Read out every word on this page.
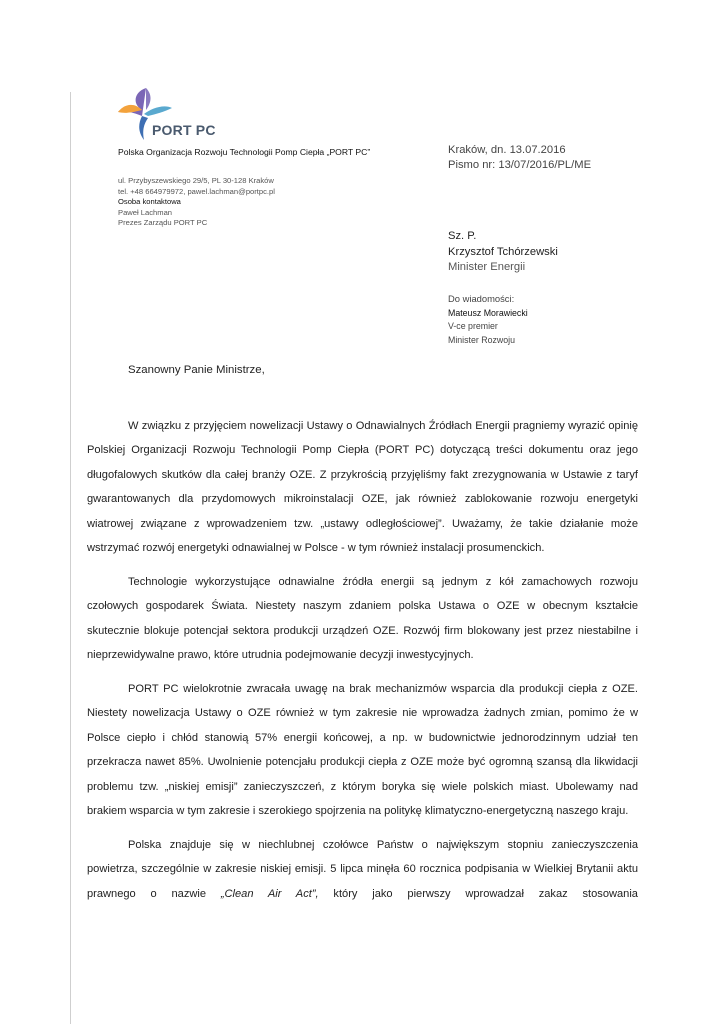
PORT PC
Polska Organizacja Rozwoju Technologii Pomp Ciepła „PORT PC”
ul. Przybyszewskiego 29/5, PL 30-128 Kraków
tel. +48 664979972, pawel.lachman@portpc.pl
Osoba kontaktowa
Paweł Lachman
Prezes Zarządu PORT PC
Kraków, dn. 13.07.2016
Pismo nr: 13/07/2016/PL/ME
Sz. P.
Krzysztof Tchórzewski
Minister Energii
Do wiadomości:
Mateusz Morawiecki
V-ce premier
Minister Rozwoju
Szanowny Panie Ministrze,

W związku z przyjęciem nowelizacji Ustawy o Odnawialnych Źródłach Energii pragniemy wyrazić opinię Polskiej Organizacji Rozwoju Technologii Pomp Ciepła (PORT PC) dotyczącą treści dokumentu oraz jego długofalowych skutków dla całej branży OZE. Z przykrością przyjęliśmy fakt zrezygnowania w Ustawie z taryf gwarantowanych dla przydomowych mikroinstalacji OZE, jak również zablokowanie rozwoju energetyki wiatrowej związane z wprowadzeniem tzw. „ustawy odległościowej”. Uważamy, że takie działanie może wstrzymać rozwój energetyki odnawialnej w Polsce - w tym również instalacji prosumenckich.

Technologie wykorzystujące odnawialne źródła energii są jednym z kół zamachowych rozwoju czołowych gospodarek Świata. Niestety naszym zdaniem polska Ustawa o OZE w obecnym kształcie skutecznie blokuje potencjał sektora produkcji urządzeń OZE. Rozwój firm blokowany jest przez niestabilne i nieprzewidywalne prawo, które utrudnia podejmowanie decyzji inwestycyjnych.

PORT PC wielokrotnie zwracała uwagę na brak mechanizmów wsparcia dla produkcji ciepła z OZE. Niestety nowelizacja Ustawy o OZE również w tym zakresie nie wprowadza żadnych zmian, pomimo że w Polsce ciepło i chłód stanowią 57% energii końcowej, a np. w budownictwie jednorodzinnym udział ten przekracza nawet 85%. Uwolnienie potencjału produkcji ciepła z OZE może być ogromną szansą dla likwidacji problemu tzw. „niskiej emisji” zanieczyszczeń, z którym boryka się wiele polskich miast. Ubolewamy nad brakiem wsparcia w tym zakresie i szerokiego spojrzenia na politykę klimatyczno-energetyczną naszego kraju.

Polska znajduje się w niechlubnej czołówce Państw o największym stopniu zanieczyszczenia powietrza, szczególnie w zakresie niskiej emisji. 5 lipca minęła 60 rocznica podpisania w Wielkiej Brytanii aktu prawnego o nazwie „Clean Air Act”, który jako pierwszy wprowadzał zakaz stosowania
